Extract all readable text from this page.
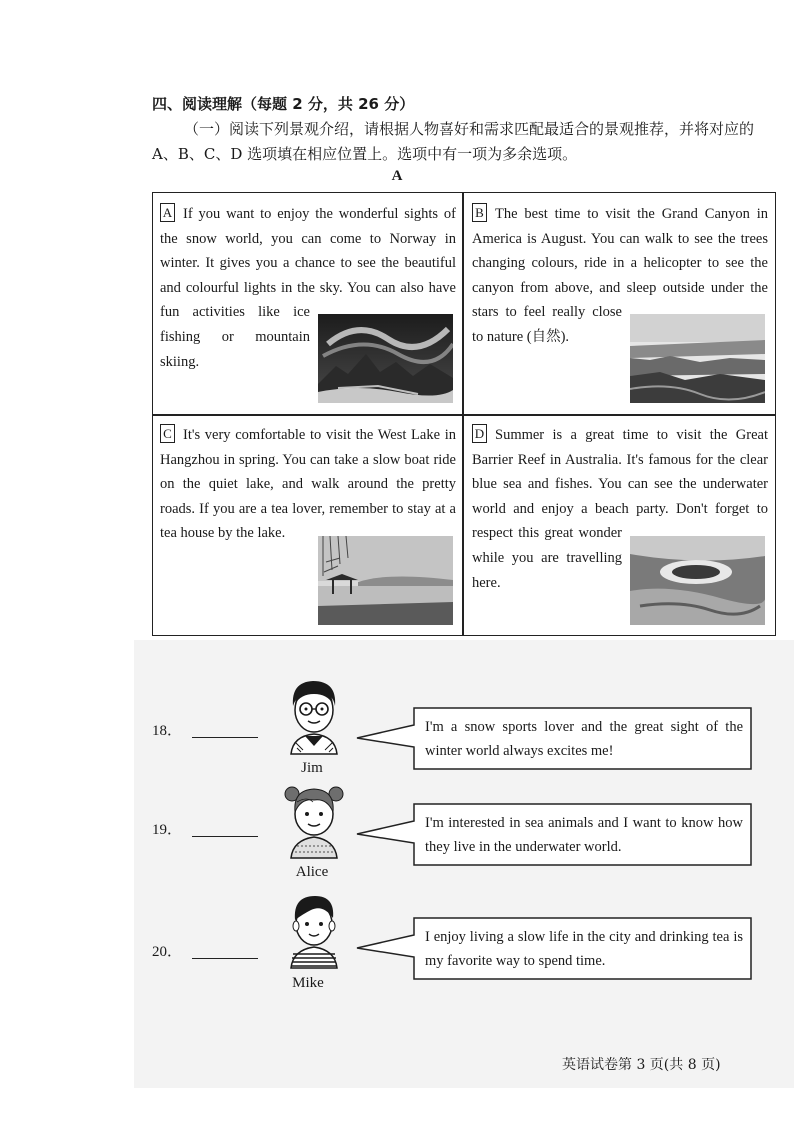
四、阅读理解（每题 2 分，共 26 分）
（一）阅读下列景观介绍，请根据人物喜好和需求匹配最适合的景观推荐，并将对应的 A、B、C、D 选项填在相应位置上。选项中有一项为多余选项。
A
A If you want to enjoy the wonderful sights of the snow world, you can come to Norway in winter. It gives you a chance to see the beautiful and colourful lights in the sky. You can also have fun activities like ice fishing or mountain skiing.
B The best time to visit the Grand Canyon in America is August. You can walk to see the trees changing colours, ride in a helicopter to see the canyon from above, and sleep outside under the stars to feel really close to nature (自然).
C It's very comfortable to visit the West Lake in Hangzhou in spring. You can take a slow boat ride on the quiet lake, and walk around the pretty roads. If you are a tea lover, remember to stay at a tea house by the lake.
D Summer is a great time to visit the Great Barrier Reef in Australia. It's famous for the clear blue sea and fishes. You can see the underwater world and enjoy a beach party. Don't forget to respect this great wonder while you are travelling here.
18．
19．
20．
Jim
Alice
Mike
I'm a snow sports lover and the great sight of the winter world always excites me!
I'm interested in sea animals and I want to know how they live in the underwater world.
I enjoy living a slow life in the city and drinking tea is my favorite way to spend time.
英语试卷第 3 页(共 8 页)
